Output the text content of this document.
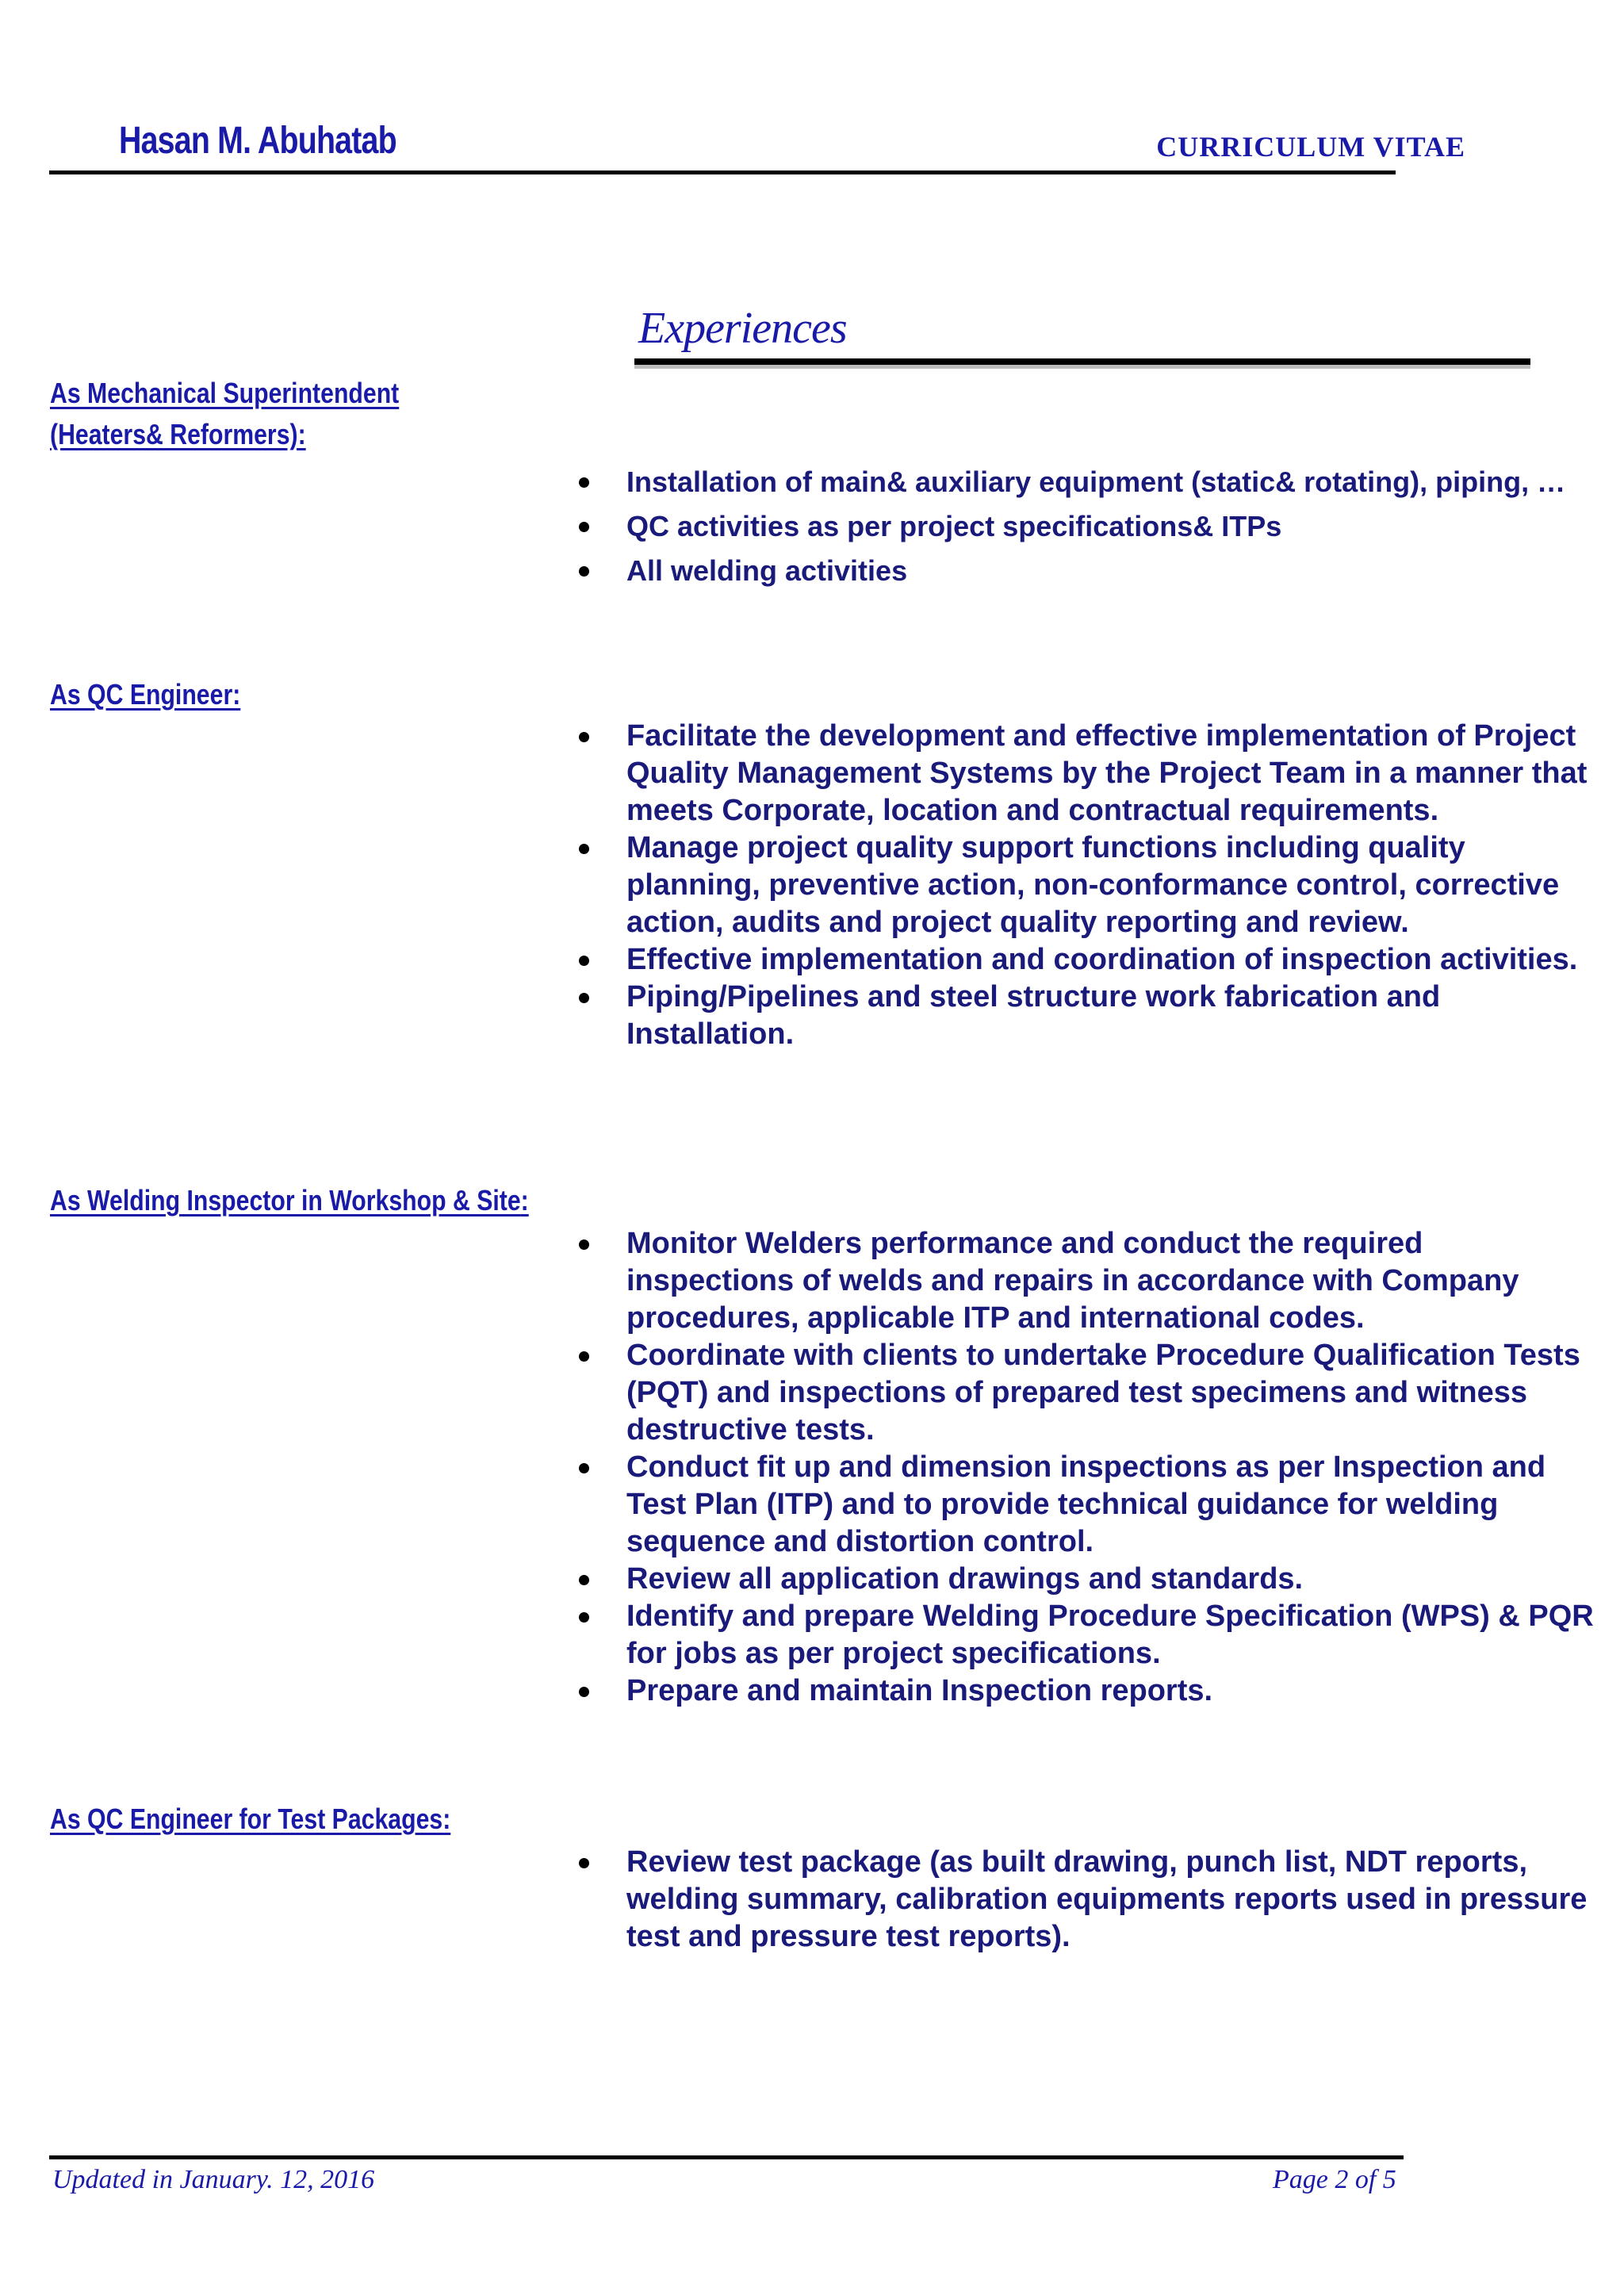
Hasan M. Abuhatab	CURRICULUM VITAE
Experiences
As Mechanical Superintendent
(Heaters& Reformers):
Installation of main& auxiliary equipment (static& rotating), piping, …
QC activities as per project specifications& ITPs
All welding activities
As QC Engineer:
Facilitate the development and effective implementation of Project Quality Management Systems by the Project Team in a manner that meets Corporate, location and contractual requirements.
Manage project quality support functions including quality planning, preventive action, non-conformance control, corrective action, audits and project quality reporting and review.
Effective implementation and coordination of inspection activities.
Piping/Pipelines and steel structure work fabrication and Installation.
As Welding Inspector in Workshop & Site:
Monitor Welders performance and conduct the required inspections of welds and repairs in accordance with Company procedures, applicable ITP and international codes.
Coordinate with clients to undertake Procedure Qualification Tests (PQT) and inspections of prepared test specimens and witness destructive tests.
Conduct fit up and dimension inspections as per Inspection and Test Plan (ITP) and to provide technical guidance for welding sequence and distortion control.
Review all application drawings and standards.
Identify and prepare Welding Procedure Specification (WPS) & PQR for jobs as per project specifications.
Prepare and maintain Inspection reports.
As QC Engineer for Test Packages:
Review test package (as built drawing, punch list, NDT reports, welding summary, calibration equipments reports used in pressure test and pressure test reports).
Updated in January. 12, 2016	Page 2 of 5
